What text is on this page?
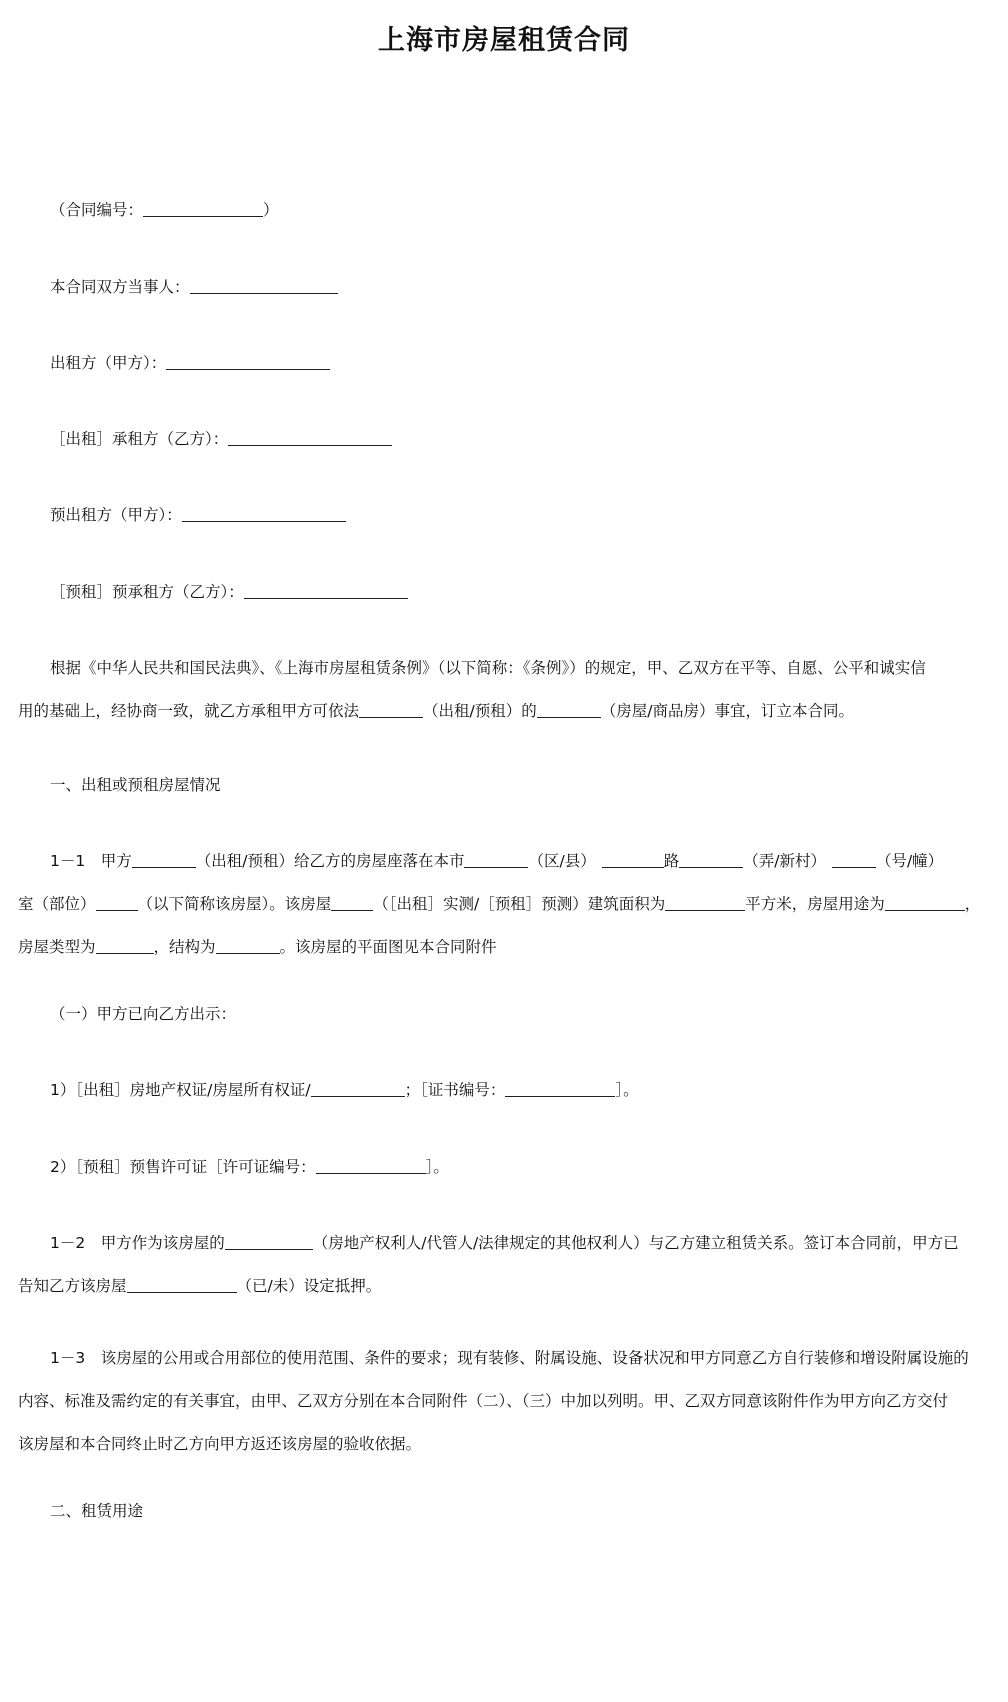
上海市房屋租赁合同
（合同编号：	）
本合同双方当事人：
出租方（甲方）：
［出租］承租方（乙方）：
预出租方（甲方）：
［预租］预承租方（乙方）：
根据《中华人民共和国民法典》、《上海市房屋租赁条例》（以下简称：《条例》）的规定，甲、乙双方在平等、自愿、公平和诚实信
用的基础上，经协商一致，就乙方承租甲方可依法	（出租/预租）的	（房屋/商品房）事宜，订立本合同。
一、出租或预租房屋情况
1－1　甲方	（出租/预租）给乙方的房屋座落在本市	（区/县）	路	（弄/新村）	（号/幢）
室（部位）	（以下简称该房屋）。该房屋	（［出租］实测/［预租］预测）建筑面积为	平方米，房屋用途为	，
房屋类型为	，结构为	。该房屋的平面图见本合同附件
（一）甲方已向乙方出示：
1）［出租］房地产权证/房屋所有权证/	；［证书编号：	］。
2）［预租］预售许可证［许可证编号：	］。
1－2　甲方作为该房屋的	（房地产权利人/代管人/法律规定的其他权利人）与乙方建立租赁关系。签订本合同前，甲方已
告知乙方该房屋	（已/未）设定抵押。
1－3　该房屋的公用或合用部位的使用范围、条件的要求；现有装修、附属设施、设备状况和甲方同意乙方自行装修和增设附属设施的
内容、标准及需约定的有关事宜，由甲、乙双方分别在本合同附件（二）、（三）中加以列明。甲、乙双方同意该附件作为甲方向乙方交付
该房屋和本合同终止时乙方向甲方返还该房屋的验收依据。
二、租赁用途
